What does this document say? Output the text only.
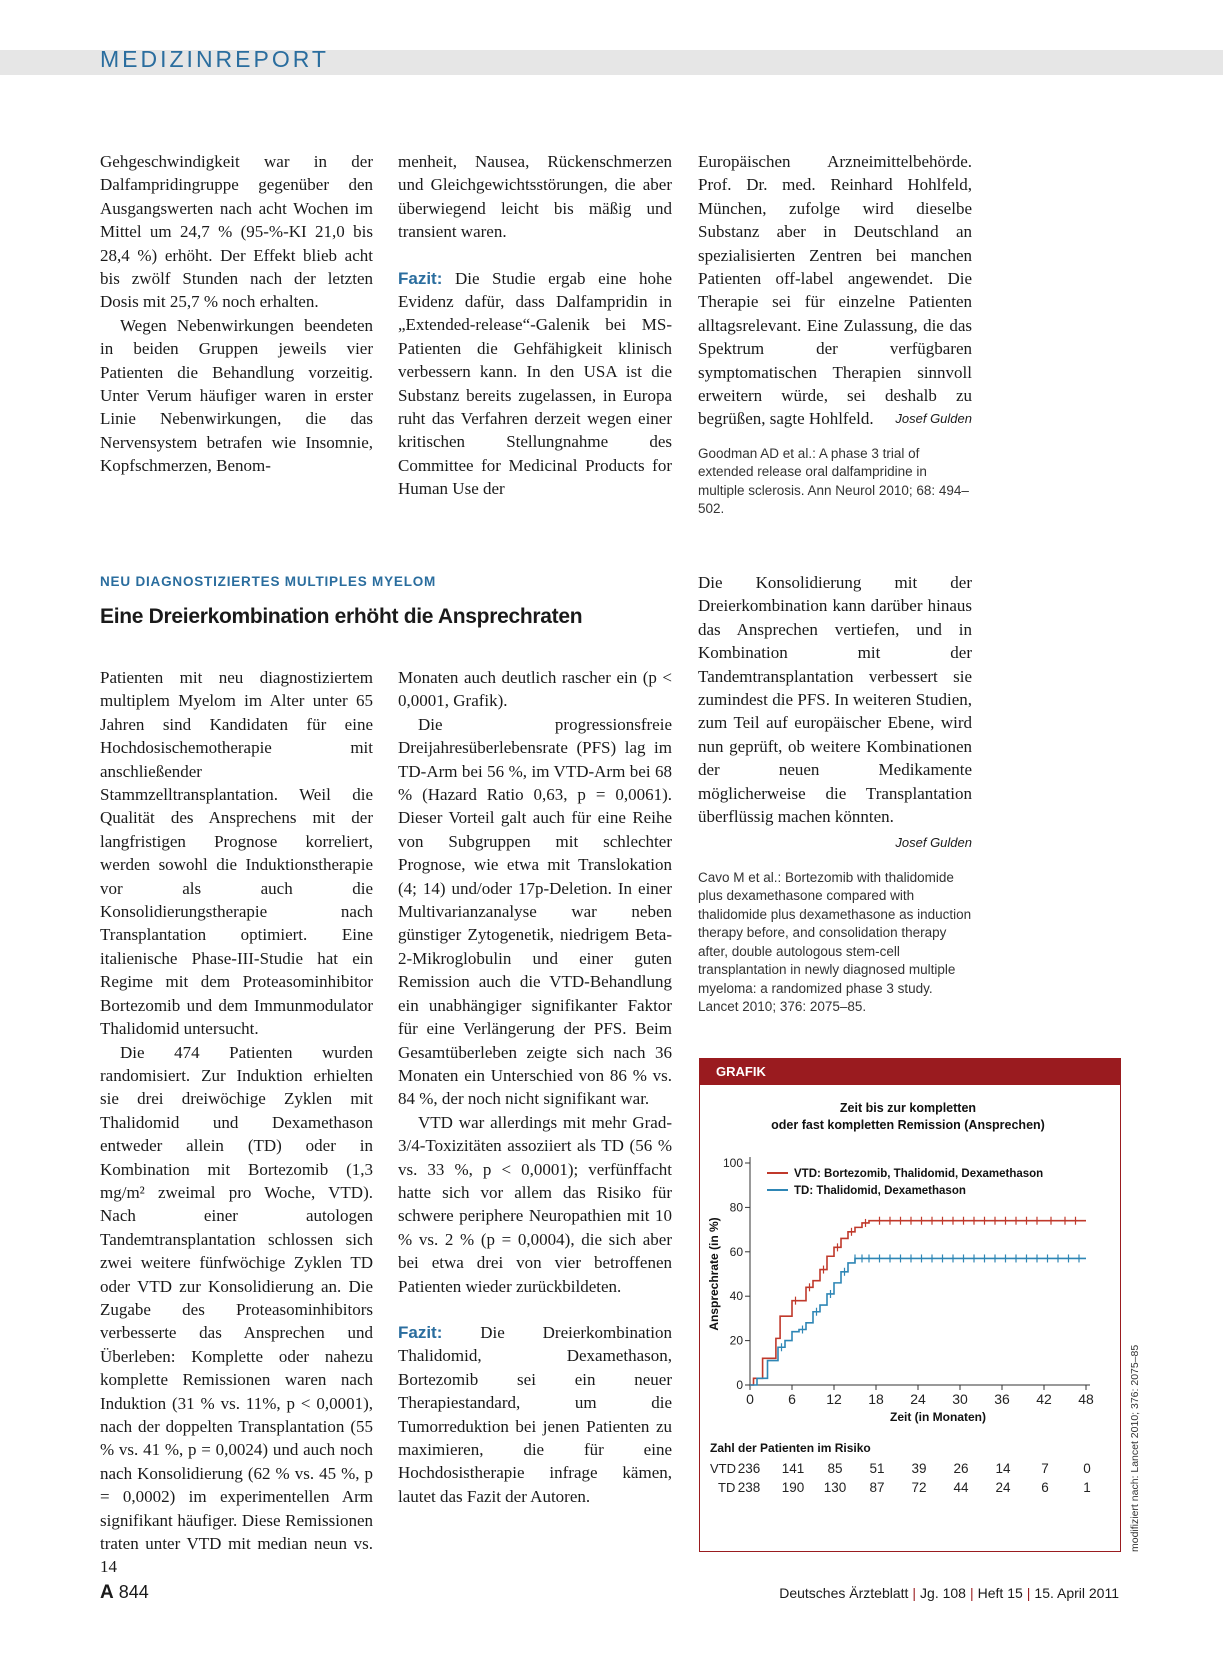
MEDIZINREPORT

Gehgeschwindigkeit war in der Dalfampridingruppe gegenüber den Ausgangswerten nach acht Wochen im Mittel um 24,7 % (95-%-KI 21,0 bis 28,4 %) erhöht. Der Effekt blieb acht bis zwölf Stunden nach der letzten Dosis mit 25,7 % noch erhalten.

Wegen Nebenwirkungen beendeten in beiden Gruppen jeweils vier Patienten die Behandlung vorzeitig. Unter Verum häufiger waren in erster Linie Nebenwirkungen, die das Nervensystem betrafen wie Insomnie, Kopfschmerzen, Benom-

menheit, Nausea, Rückenschmerzen und Gleichgewichtsstörungen, die aber überwiegend leicht bis mäßig und transient waren.

Fazit: Die Studie ergab eine hohe Evidenz dafür, dass Dalfampridin in „Extended-release“-Galenik bei MS-Patienten die Gehfähigkeit klinisch verbessern kann. In den USA ist die Substanz bereits zugelassen, in Europa ruht das Verfahren derzeit wegen einer kritischen Stellungnahme des Committee for Medicinal Products for Human Use der

Europäischen Arzneimittelbehörde. Prof. Dr. med. Reinhard Hohlfeld, München, zufolge wird dieselbe Substanz aber in Deutschland an spezialisierten Zentren bei manchen Patienten off-label angewendet. Die Therapie sei für einzelne Patienten alltagsrelevant. Eine Zulassung, die das Spektrum der verfügbaren symptomatischen Therapien sinnvoll erweitern würde, sei deshalb zu begrüßen, sagte Hohlfeld. Josef Gulden

Goodman AD et al.: A phase 3 trial of extended release oral dalfampridine in multiple sclerosis. Ann Neurol 2010; 68: 494–502.

NEU DIAGNOSTIZIERTES MULTIPLES MYELOM
Eine Dreierkombination erhöht die Ansprechraten

Patienten mit neu diagnostiziertem multiplem Myelom im Alter unter 65 Jahren sind Kandidaten für eine Hochdosischemotherapie mit anschließender Stammzelltransplantation. Weil die Qualität des Ansprechens mit der langfristigen Prognose korreliert, werden sowohl die Induktionstherapie vor als auch die Konsolidierungstherapie nach Transplantation optimiert. Eine italienische Phase-III-Studie hat ein Regime mit dem Proteasominhibitor Bortezomib und dem Immunmodulator Thalidomid untersucht.

Die 474 Patienten wurden randomisiert. Zur Induktion erhielten sie drei dreiwöchige Zyklen mit Thalidomid und Dexamethason entweder allein (TD) oder in Kombination mit Bortezomib (1,3 mg/m² zweimal pro Woche, VTD). Nach einer autologen Tandemtransplantation schlossen sich zwei weitere fünfwöchige Zyklen TD oder VTD zur Konsolidierung an. Die Zugabe des Proteasominhibitors verbesserte das Ansprechen und Überleben: Komplette oder nahezu komplette Remissionen waren nach Induktion (31 % vs. 11%, p < 0,0001), nach der doppelten Transplantation (55 % vs. 41 %, p = 0,0024) und auch noch nach Konsolidierung (62 % vs. 45 %, p = 0,0002) im experimentellen Arm signifikant häufiger. Diese Remissionen traten unter VTD mit median neun vs. 14

Monaten auch deutlich rascher ein (p < 0,0001, Grafik).

Die progressionsfreie Dreijahresüberlebensrate (PFS) lag im TD-Arm bei 56 %, im VTD-Arm bei 68 % (Hazard Ratio 0,63, p = 0,0061). Dieser Vorteil galt auch für eine Reihe von Subgruppen mit schlechter Prognose, wie etwa mit Translokation (4; 14) und/oder 17p-Deletion. In einer Multivarianzanalyse war neben günstiger Zytogenetik, niedrigem Beta-2-Mikroglobulin und einer guten Remission auch die VTD-Behandlung ein unabhängiger signifikanter Faktor für eine Verlängerung der PFS. Beim Gesamtüberleben zeigte sich nach 36 Monaten ein Unterschied von 86 % vs. 84 %, der noch nicht signifikant war.

VTD war allerdings mit mehr Grad-3/4-Toxizitäten assoziiert als TD (56 % vs. 33 %, p < 0,0001); verfünffacht hatte sich vor allem das Risiko für schwere periphere Neuropathien mit 10 % vs. 2 % (p = 0,0004), die sich aber bei etwa drei von vier betroffenen Patienten wieder zurückbildeten.

Fazit: Die Dreierkombination Thalidomid, Dexamethason, Bortezomib sei ein neuer Therapiestandard, um die Tumorreduktion bei jenen Patienten zu maximieren, die für eine Hochdosistherapie infrage kämen, lautet das Fazit der Autoren.

Die Konsolidierung mit der Dreierkombination kann darüber hinaus das Ansprechen vertiefen, und in Kombination mit der Tandemtransplantation verbessert sie zumindest die PFS. In weiteren Studien, zum Teil auf europäischer Ebene, wird nun geprüft, ob weitere Kombinationen der neuen Medikamente möglicherweise die Transplantation überflüssig machen könnten.

Josef Gulden

Cavo M et al.: Bortezomib with thalidomide plus dexamethasone compared with thalidomide plus dexamethasone as induction therapy before, and consolidation therapy after, double autologous stem-cell transplantation in newly diagnosed multiple myeloma: a randomized phase 3 study. Lancet 2010; 376: 2075–85.

GRAFIK
Zeit bis zur kompletten
oder fast kompletten Remission (Ansprechen)
0
20
40
60
80
100
0 6 12 18 24 30 36 42 48
Zeit (in Monaten)
Ansprechrate (in %)
VTD: Bortezomib, Thalidomid, Dexamethason
TD: Thalidomid, Dexamethason
Zahl der Patienten im Risiko
VTD 236 141 85 51 39 26 14 7	0
TD 238 190 130 87 72 44 24 6	1	modifiziert nach: Lancet 2010; 376: 2075–85
A 844	Deutsches Ärzteblatt | Jg. 108 | Heft 15 | 15. April 2011
